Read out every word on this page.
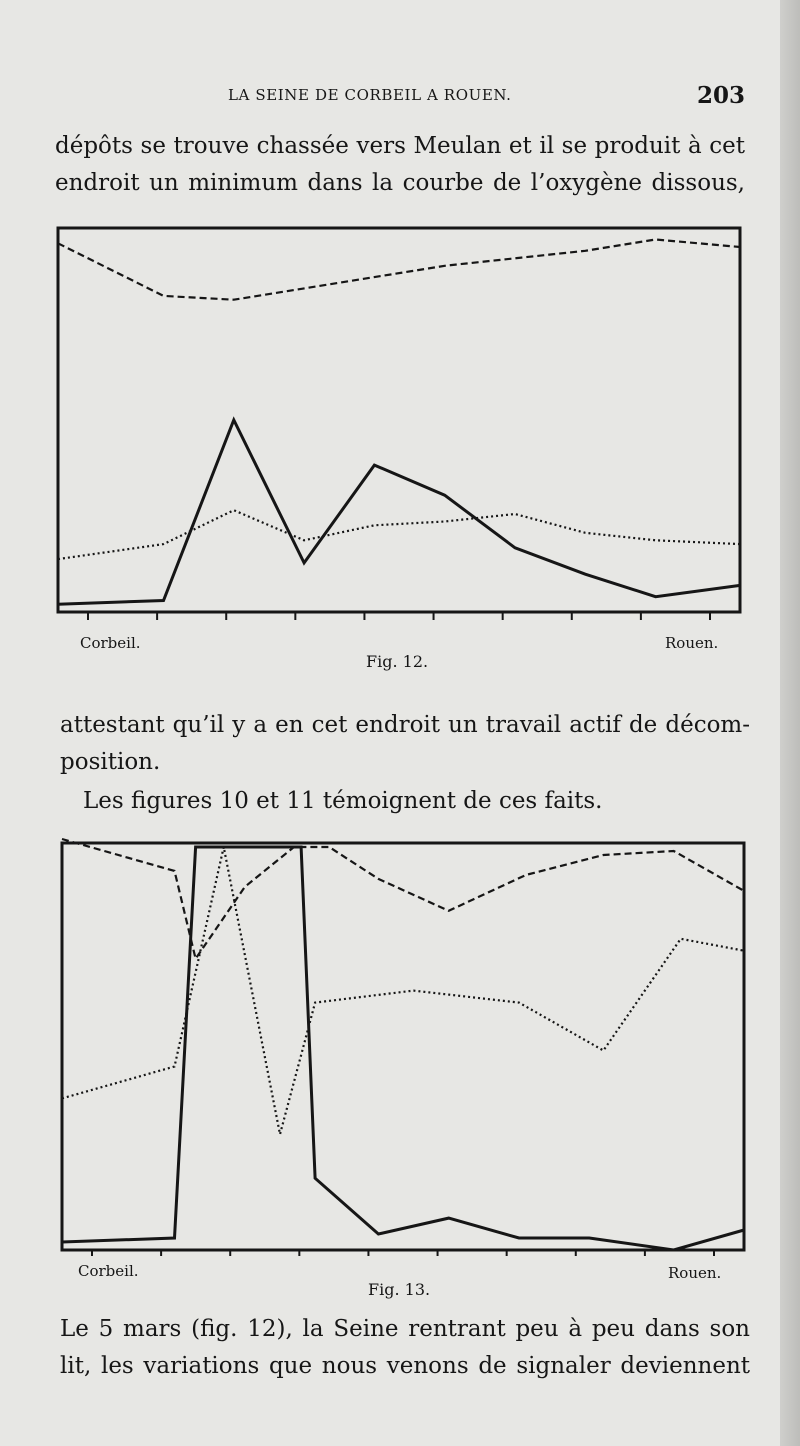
LA SEINE DE CORBEIL A ROUEN.	203
dépôts se trouve chassée vers Meulan et il se produit à cet
endroit un minimum dans la courbe de l’oxygène dissous,
Corbeil.	Rouen.
Fig. 12.
attestant qu’il y a en cet endroit un travail actif de décom-
position.
Les figures 10 et 11 témoignent de ces faits.
Corbeil.	Rouen.
Fig. 13.
Le 5 mars (fig. 12), la Seine rentrant peu à peu dans son
lit, les variations que nous venons de signaler deviennent
